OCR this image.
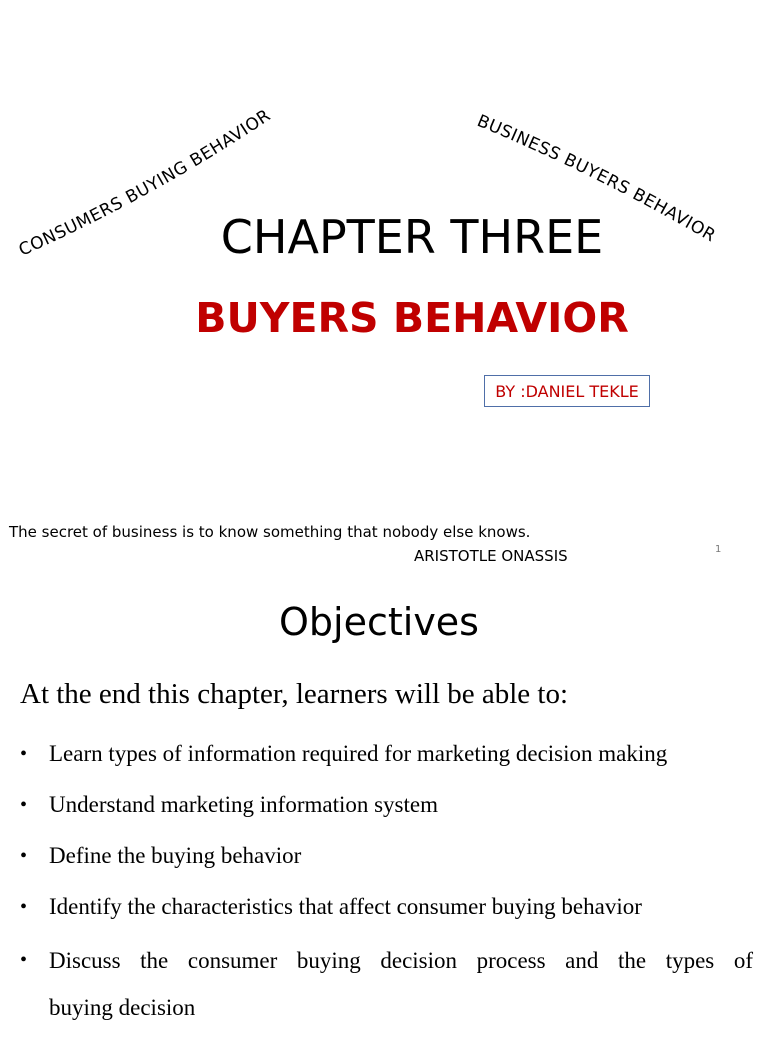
CONSUMERS BUYING BEHAVIOR	BUSINESS BUYERS BEHAVIOR
CHAPTER THREE
BUYERS BEHAVIOR
BY :DANIEL TEKLE
The secret of business is to know something that nobody else knows.
ARISTOTLE ONASSIS	1
Objectives
At the end this chapter, learners will be able to:
• Learn types of information required for marketing decision making
• Understand marketing information system
• Define the buying behavior
• Identify the characteristics that affect consumer buying behavior
• Discuss the consumer buying decision process and the types of
buying decision
